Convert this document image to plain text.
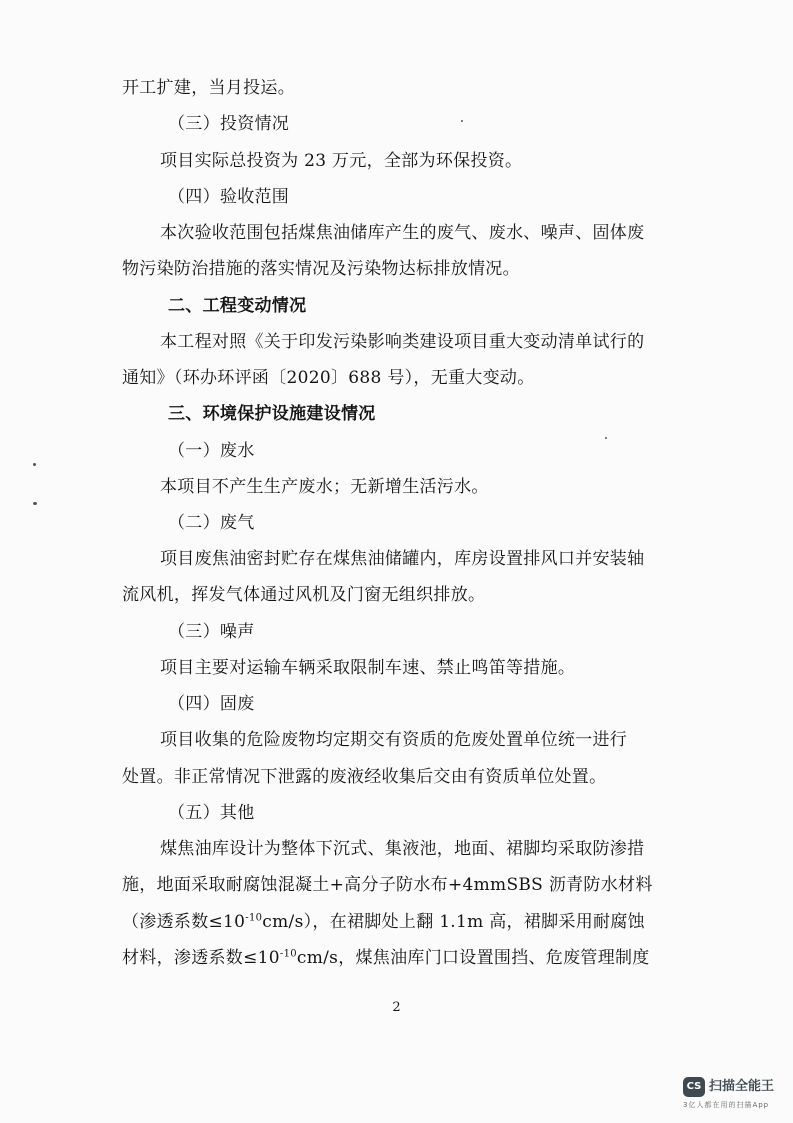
开工扩建，当月投运。
（三）投资情况
项目实际总投资为 23 万元，全部为环保投资。
（四）验收范围
本次验收范围包括煤焦油储库产生的废气、废水、噪声、固体废
物污染防治措施的落实情况及污染物达标排放情况。
二、工程变动情况
本工程对照《关于印发污染影响类建设项目重大变动清单试行的
通知》（环办环评函〔2020〕688 号），无重大变动。
三、环境保护设施建设情况
（一）废水
本项目不产生生产废水；无新增生活污水。
（二）废气
项目废焦油密封贮存在煤焦油储罐内，库房设置排风口并安装轴
流风机，挥发气体通过风机及门窗无组织排放。
（三）噪声
项目主要对运输车辆采取限制车速、禁止鸣笛等措施。
（四）固废
项目收集的危险废物均定期交有资质的危废处置单位统一进行
处置。非正常情况下泄露的废液经收集后交由有资质单位处置。
（五）其他
煤焦油库设计为整体下沉式、集液池，地面、裙脚均采取防渗措
施，地面采取耐腐蚀混凝土+高分子防水布+4mmSBS 沥青防水材料
（渗透系数$\le 10^{-10}cm/s$），在裙脚处上翻 1.1m 高，裙脚采用耐腐蚀
材料，渗透系数$\le 10^{-10}cm/s$，煤焦油库门口设置围挡、危废管理制度
2
CS 扫描全能王
3亿人都在用的扫描App
